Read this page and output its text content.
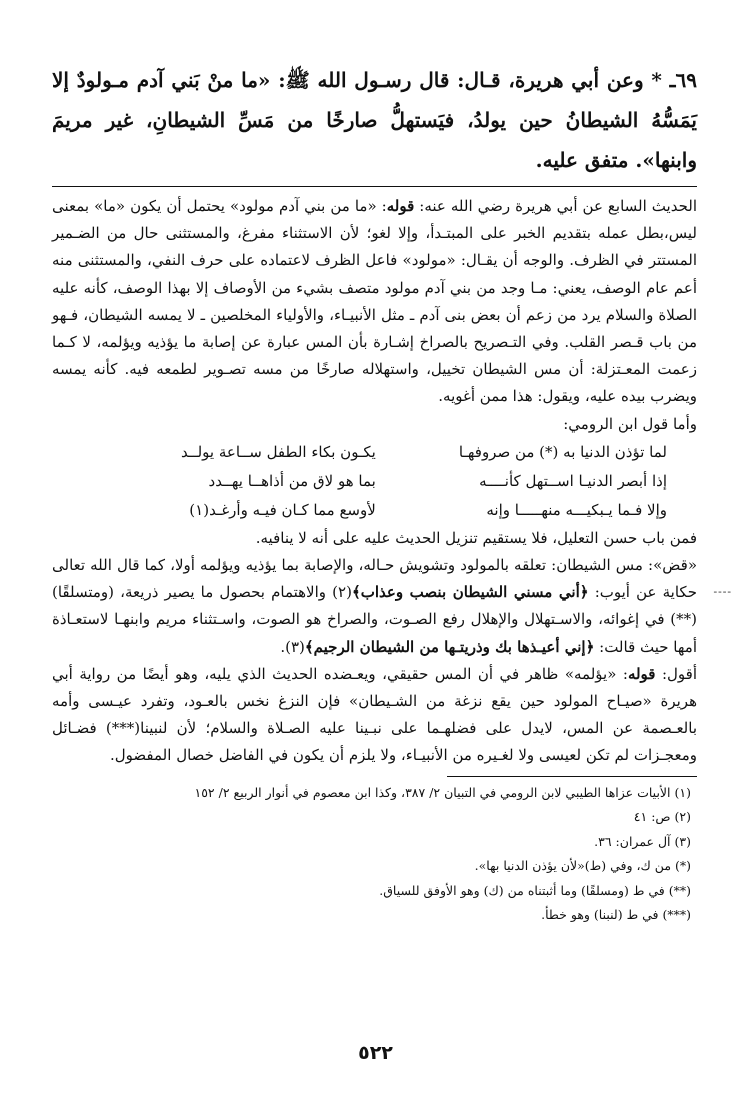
٦٩ـ * وعن أبي هريرة، قـال: قال رسـول الله ﷺ: «ما منْ بَني آدم مـولودٌ إلا يَمَسُّهُ الشيطانُ حين يولدُ، فيَستهلُّ صارخًا من مَسِّ الشيطانِ، غير مريمَ وابنها». متفق عليه.

الحديث السابع عن أبي هريرة رضي الله عنه: قوله: «ما من بني آدم مولود» يحتمل أن يكون «ما» بمعنى ليس،بطل عمله بتقديم الخبر على المبتـدأ، وإلا لغو؛ لأن الاستثناء مفرغ، والمستثنى حال من الضـمير المستتر في الظرف. والوجه أن يقـال: «مولود» فاعل الظرف لاعتماده على حرف النفي، والمستثنى منه أعم عام الوصف، يعني: مـا وجد من بني آدم مولود متصف بشيء من الأوصاف إلا بهذا الوصف، كأنه عليه الصلاة والسلام يرد من زعم أن بعض بنى آدم ـ مثل الأنبيـاء، والأولياء المخلصين ـ لا يمسه الشيطان، فـهو من باب قـصر القلب. وفي التـصريح بالصراخ إشـارة بأن المس عبارة عن إصابة ما يؤذيه ويؤلمه، لا كـما زعمت المعـتزلة: أن مس الشيطان تخييل، واستهلاله صارخًا من مسه تصـوير لطمعه فيه. كأنه يمسه ويضرب بيده عليه، ويقول: هذا ممن أغويه.

وأما قول ابن الرومي:

لما تؤذن الدنيا به (*) من صروفهـا
يكـون بكاء الطفل ســاعة يولــد
إذا أبصر الدنيـا اســتهل كأنــــه
بما هو لاق من أذاهــا يهــدد
وإلا فـما يـبكيـــه منهـــــا وإنه
لأوسع مما كـان فيـه وأرغـد(١)

فمن باب حسن التعليل، فلا يستقيم تنزيل الحديث عليه على أنه لا ينافيه.

«قض»: مس الشيطان: تعلقه بالمولود وتشويش حـاله، والإصابة بما يؤذيه ويؤلمه أولا، كما قال الله تعالى حكاية عن أيوب: ﴿أني مسني الشيطان بنصب وعذاب﴾(٢) والاهتمام بحصول ما يصير ذريعة، (ومتسلقًا)(**) في إغوائه، والاسـتهلال والإهلال رفع الصـوت، والصراخ هو الصوت، واسـتثناء مريم وابنهـا لاستعـاذة أمها حيث قالت: ﴿إني أعيـذها بك وذريتـها من الشيطان الرجيم﴾(٣).

أقول: قوله: «يؤلمه» ظاهر في أن المس حقيقي، ويعـضده الحديث الذي يليه، وهو أيضًا من رواية أبي هريرة «صيـاح المولود حين يقع نزغة من الشـيطان» فإن النزغ نخس بالعـود، وتفرد عيـسى وأمه بالعـصمة عن المس، لايدل على فضلهـما على نبـينا عليه الصـلاة والسلام؛ لأن لنبينا(***) فضـائل ومعجـزات لم تكن لعيسى ولا لغـيره من الأنبيـاء، ولا يلزم أن يكون في الفاضل خصال المفضول.

(١) الأبيات عزاها الطيبي لابن الرومي في التبيان ٢/ ٣٨٧، وكذا ابن معصوم في أنوار الربيع ٢/ ١٥٢
(٢) ص: ٤١
(٣) آل عمران: ٣٦.
(*) من ك، وفي (ط)«لأن يؤذن الدنيا بها».
(**) في ط (ومسلقًا) وما أثبتناه من (ك) وهو الأوفق للسياق.
(***) في ط (لنبنا) وهو خطأ.
----
٥٢٢
